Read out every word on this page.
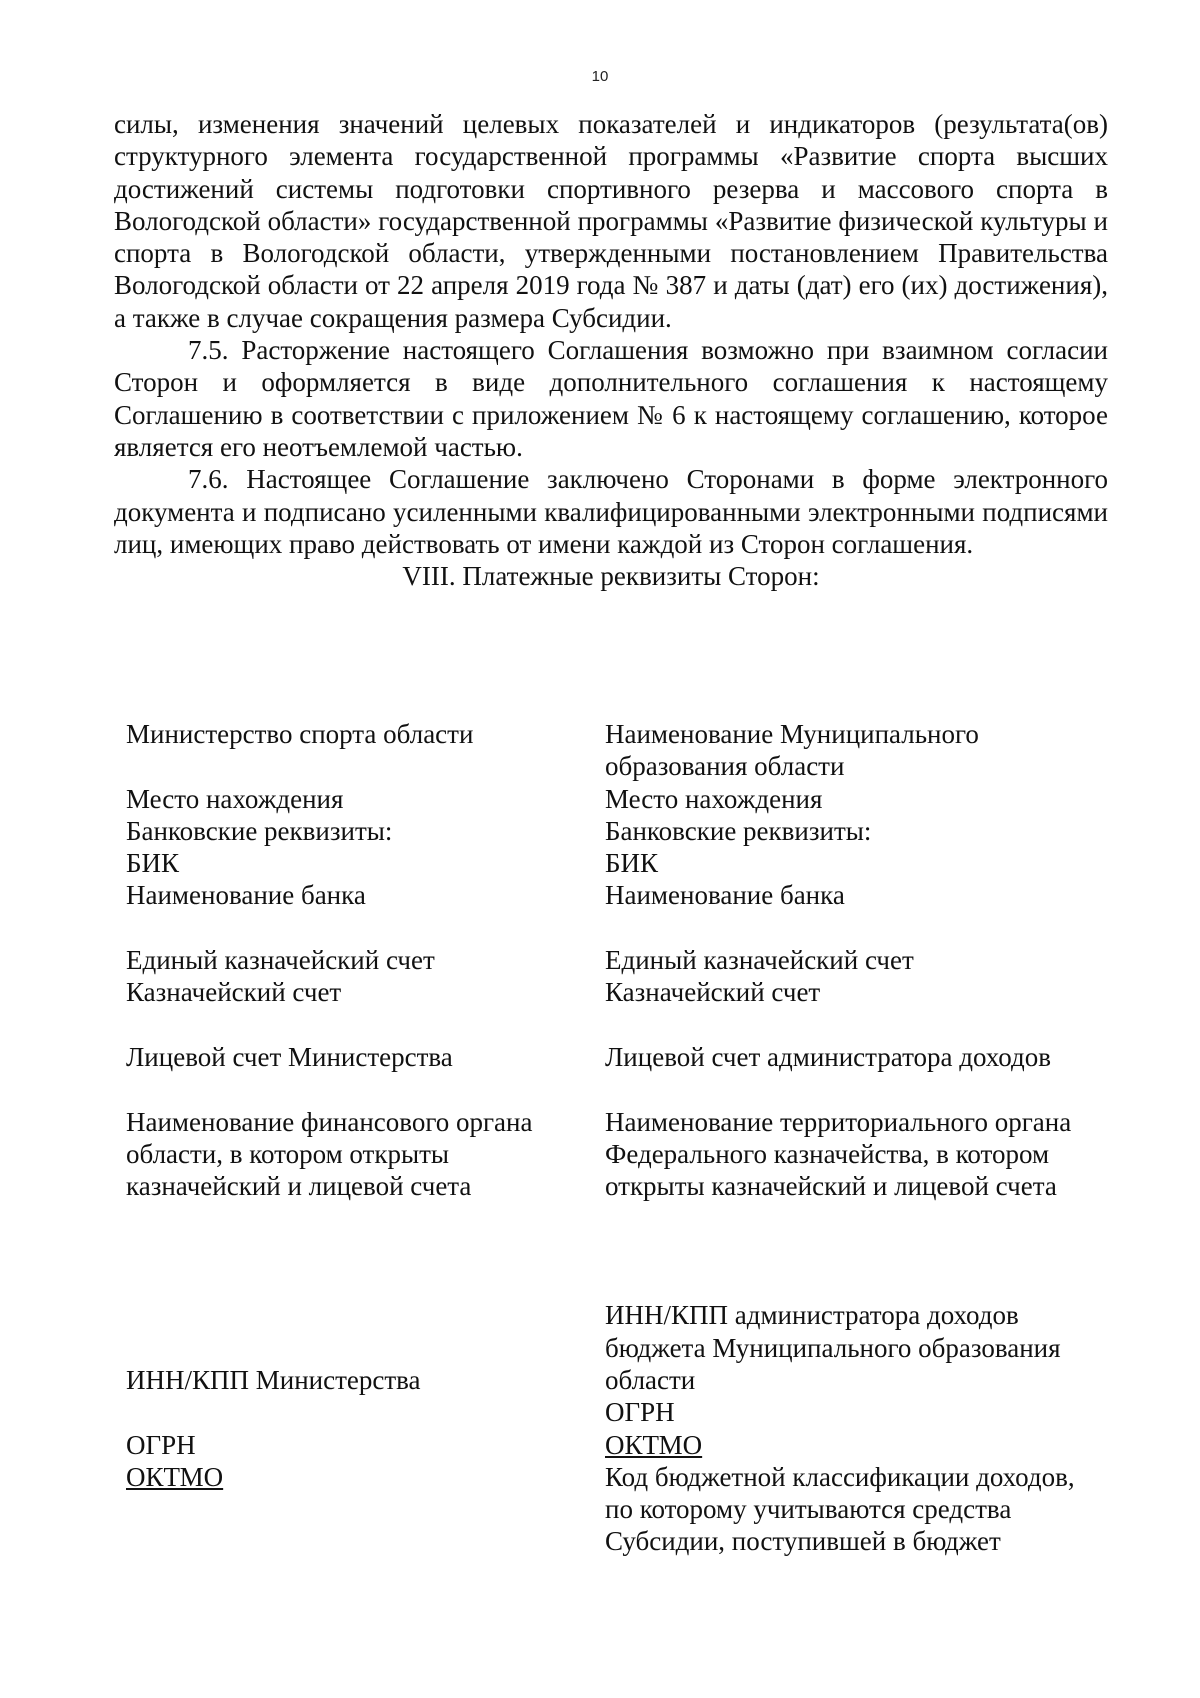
10

силы, изменения значений целевых показателей и индикаторов (результата(ов) структурного элемента государственной программы «Развитие спорта высших достижений системы подготовки спортивного резерва и массового спорта в Вологодской области» государственной программы «Развитие физической культуры и спорта в Вологодской области, утвержденными постановлением Правительства Вологодской области от 22 апреля 2019 года № 387 и даты (дат) его (их) достижения), а также в случае сокращения размера Субсидии.

7.5. Расторжение настоящего Соглашения возможно при взаимном согласии Сторон и оформляется в виде дополнительного соглашения к настоящему Соглашению в соответствии с приложением № 6 к настоящему соглашению, которое является его неотъемлемой частью.

7.6. Настоящее Соглашение заключено Сторонами в форме электронного документа и подписано усиленными квалифицированными электронными подписями лиц, имеющих право действовать от имени каждой из Сторон соглашения.

VIII. Платежные реквизиты Сторон:

Министерство спорта области
Место нахождения
Банковские реквизиты:
БИК
Наименование банка
Единый казначейский счет
Казначейский счет
Лицевой счет Министерства
Наименование финансового органа
области, в котором открыты
казначейский и лицевой счета
ИНН/КПП Министерства
ОГРН
ОКТМО
Наименование Муниципального
образования области
Место нахождения
Банковские реквизиты:
БИК
Наименование банка
Единый казначейский счет
Казначейский счет
Лицевой счет администратора доходов
Наименование территориального органа
Федерального казначейства, в котором
открыты казначейский и лицевой счета
ИНН/КПП администратора доходов
бюджета Муниципального образования
области
ОГРН
ОКТМО
Код бюджетной классификации доходов,
по которому учитываются средства
Субсидии, поступившей в бюджет
